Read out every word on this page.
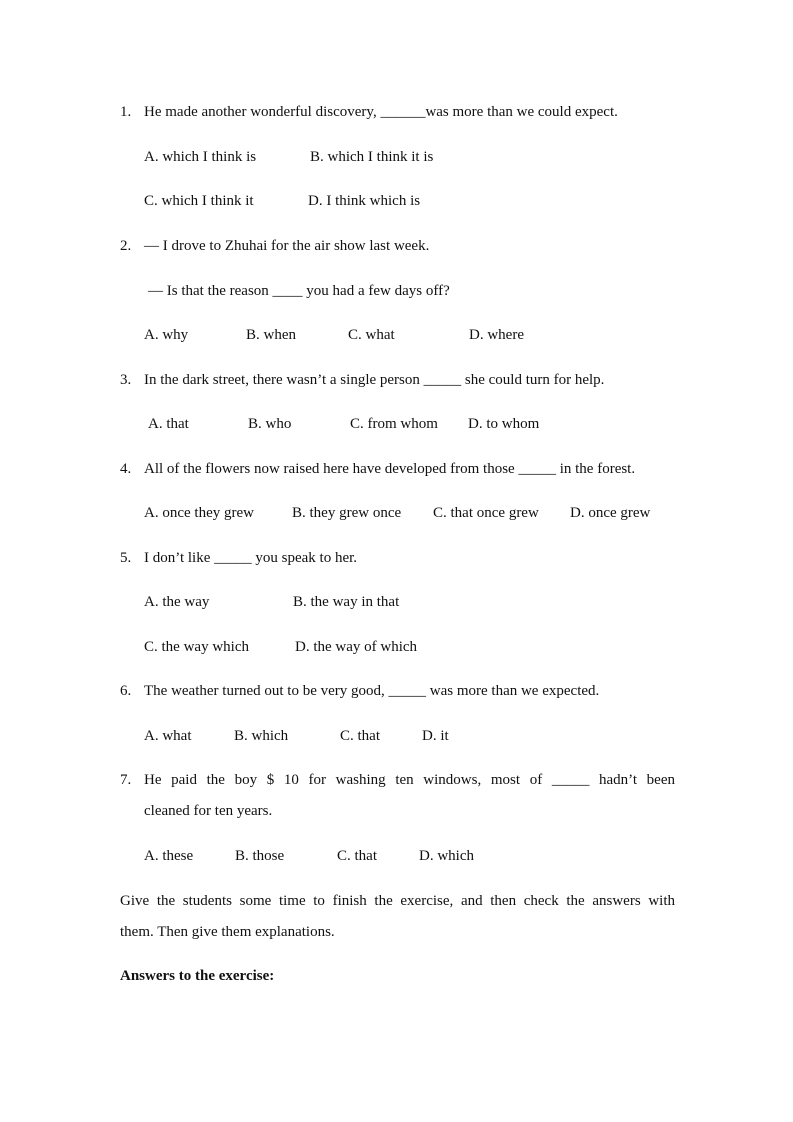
1. He made another wonderful discovery, ______was more than we could expect.
A. which I think is	B. which I think it is
C. which I think it	D. I think which is
2. — I drove to Zhuhai for the air show last week.
— Is that the reason ____ you had a few days off?
A. why	B. when	C. what	D. where
3. In the dark street, there wasn’t a single person _____ she could turn for help.
A. that	B. who	C. from whom D. to whom
4. All of the flowers now raised here have developed from those _____ in the forest.
A. once they grew	B. they grew once C. that once grew D. once grew
5. I don’t like _____ you speak to her.
A. the way	B. the way in that
C. the way which	D. the way of which
6. The weather turned out to be very good, _____ was more than we expected.
A. what	B. which	C. that	D. it
7. He paid the boy $ 10 for washing ten windows, most of _____ hadn’t been
cleaned for ten years.
A. these	B. those	C. that	D. which
Give the students some time to finish the exercise, and then check the answers with
them. Then give them explanations.
Answers to the exercise:
